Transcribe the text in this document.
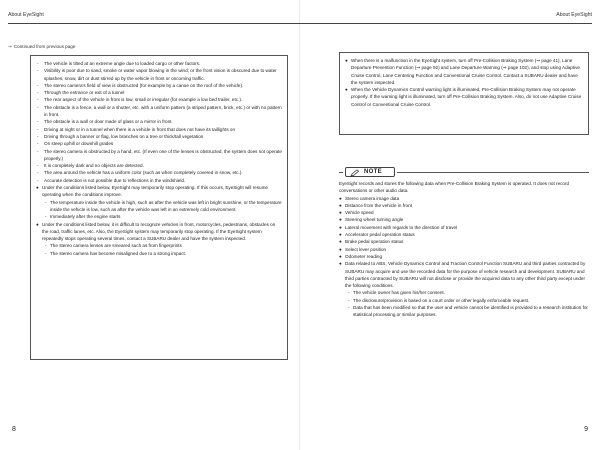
About EyeSight
⇒ Continued from previous page
- The vehicle is tilted at an extreme angle due to loaded cargo or other factors.
- Visibility is poor due to sand, smoke or water vapor blowing in the wind; or the front vision is obscured due to water splashes, snow, dirt or dust stirred up by the vehicle in front or oncoming traffic.
- The stereo camera's field of view is obstructed (for example by a canoe on the roof of the vehicle).
- Through the entrance or exit of a tunnel
- The rear aspect of the vehicle in front is low, small or irregular (for example a low bed trailer, etc.).
- The obstacle is a fence, a wall or a shutter, etc. with a uniform pattern (a striped pattern, brick, etc.) or with no pattern in front.
- The obstacle is a wall or door made of glass or a mirror in front.
- Driving at night or in a tunnel when there is a vehicle in front that does not have its taillights on
- Driving through a banner or flag, low branches on a tree or thick/tall vegetation
- On steep uphill or downhill grades
- The stereo camera is obstructed by a hand, etc. (If even one of the lenses is obstructed, the system does not operate properly.)
- It is completely dark and no objects are detected.
- The area around the vehicle has a uniform color (such as when completely covered in snow, etc.).
- Accurate detection is not possible due to reflections in the windshield.
● Under the conditions listed below, EyeSight may temporarily stop operating. If this occurs, EyeSight will resume operating when the conditions improve.
- The temperature inside the vehicle is high, such as after the vehicle was left in bright sunshine, or the temperature inside the vehicle is low, such as after the vehicle was left in an extremely cold environment.
- Immediately after the engine starts
● Under the conditions listed below, it is difficult to recognize vehicles in front, motorcycles, pedestrians, obstacles on the road, traffic lanes, etc. Also, the EyeSight system may temporarily stop operating. If the EyeSight system repeatedly stops operating several times, contact a SUBARU dealer and have the system inspected.
- The stereo camera lenses are smeared such as from fingerprints
- The stereo camera has become misaligned due to a strong impact.
8
About EyeSight
● When there is a malfunction in the EyeSight system, turn off Pre-Collision Braking System (⇒ page 41), Lane Departure Prevention Function (⇒ page 92) and Lane Departure Warning (⇒ page 102), and stop using Adaptive Cruise Control, Lane Centering Function and Conventional Cruise Control. Contact a SUBARU dealer and have the system inspected.
● When the Vehicle Dynamics Control warning light is illuminated, Pre-Collision Braking System may not operate properly. If the warning light is illuminated, turn off Pre-Collision Braking System. Also, do not use Adaptive Cruise Control or Conventional Cruise Control.
NOTE
EyeSight records and stores the following data when Pre-Collision Braking System is operated. It does not record conversations or other audio data.
● Stereo camera image data
● Distance from the vehicle in front
● Vehicle speed
● Steering wheel turning angle
● Lateral movement with regards to the direction of travel
● Accelerator pedal operation status
● Brake pedal operation status
● Select lever position
● Odometer reading
● Data related to ABS, Vehicle Dynamics Control and Traction Control Function SUBARU and third parties contracted by SUBARU may acquire and use the recorded data for the purpose of vehicle research and development. SUBARU and third parties contracted by SUBARU will not disclose or provide the acquired data to any other third party except under the following conditions.
- The vehicle owner has given his/her consent.
- The disclosure/provision is based on a court order or other legally enforceable request.
- Data that has been modified so that the user and vehicle cannot be identified is provided to a research institution for statistical processing or similar purposes.
9
